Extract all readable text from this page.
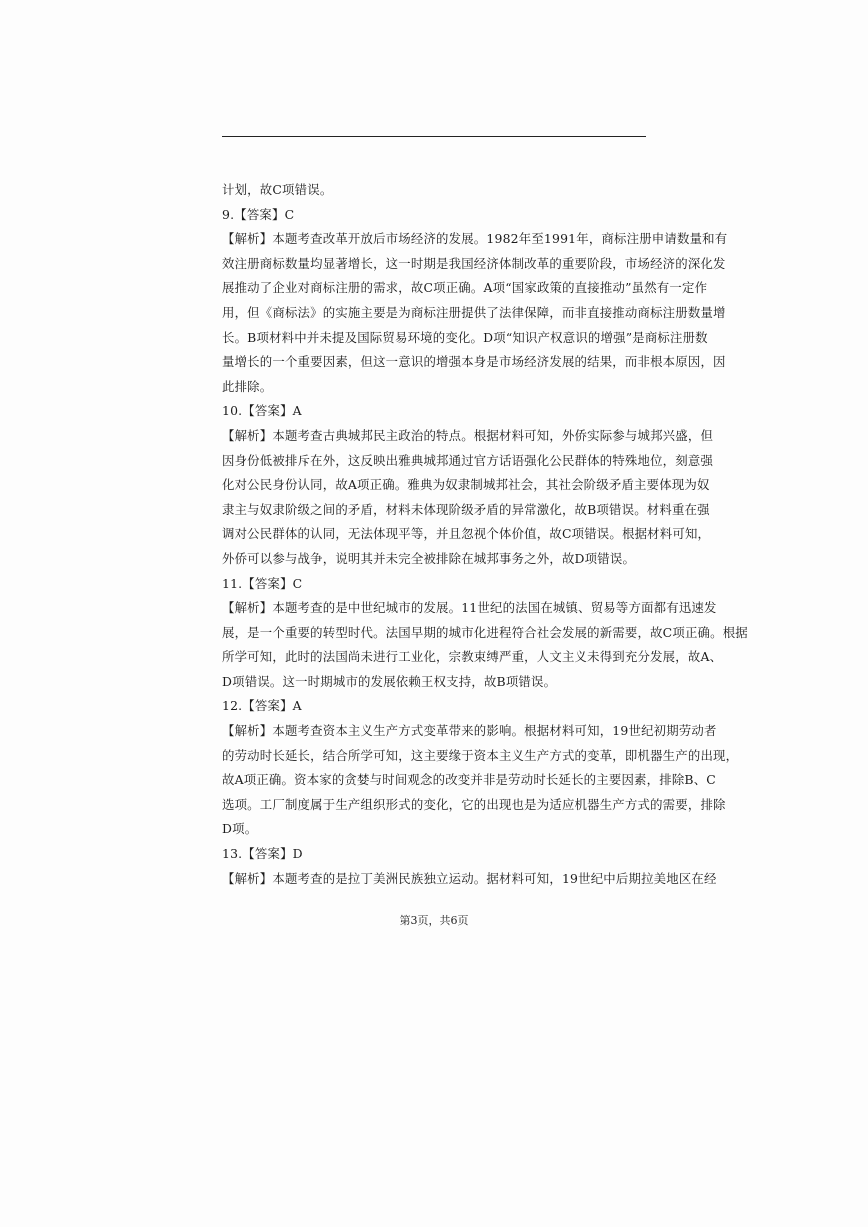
计划，故C项错误。
9.【答案】C
【解析】本题考查改革开放后市场经济的发展。1982年至1991年，商标注册申请数量和有
效注册商标数量均显著增长，这一时期是我国经济体制改革的重要阶段，市场经济的深化发
展推动了企业对商标注册的需求，故C项正确。A项“国家政策的直接推动”虽然有一定作
用，但《商标法》的实施主要是为商标注册提供了法律保障，而非直接推动商标注册数量增
长。B项材料中并未提及国际贸易环境的变化。D项“知识产权意识的增强”是商标注册数
量增长的一个重要因素，但这一意识的增强本身是市场经济发展的结果，而非根本原因，因
此排除。
10.【答案】A
【解析】本题考查古典城邦民主政治的特点。根据材料可知，外侨实际参与城邦兴盛，但
因身份低被排斥在外，这反映出雅典城邦通过官方话语强化公民群体的特殊地位，刻意强
化对公民身份认同，故A项正确。雅典为奴隶制城邦社会，其社会阶级矛盾主要体现为奴
隶主与奴隶阶级之间的矛盾，材料未体现阶级矛盾的异常激化，故B项错误。材料重在强
调对公民群体的认同，无法体现平等，并且忽视个体价值，故C项错误。根据材料可知，
外侨可以参与战争，说明其并未完全被排除在城邦事务之外，故D项错误。
11.【答案】C
【解析】本题考查的是中世纪城市的发展。11世纪的法国在城镇、贸易等方面都有迅速发
展，是一个重要的转型时代。法国早期的城市化进程符合社会发展的新需要，故C项正确。根据
所学可知，此时的法国尚未进行工业化，宗教束缚严重，人文主义未得到充分发展，故A、
D项错误。这一时期城市的发展依赖王权支持，故B项错误。
12.【答案】A
【解析】本题考查资本主义生产方式变革带来的影响。根据材料可知，19世纪初期劳动者
的劳动时长延长，结合所学可知，这主要缘于资本主义生产方式的变革，即机器生产的出现，
故A项正确。资本家的贪婪与时间观念的改变并非是劳动时长延长的主要因素，排除B、C
选项。工厂制度属于生产组织形式的变化，它的出现也是为适应机器生产方式的需要，排除
D项。
13.【答案】D
【解析】本题考查的是拉丁美洲民族独立运动。据材料可知，19世纪中后期拉美地区在经
第3页，共6页
